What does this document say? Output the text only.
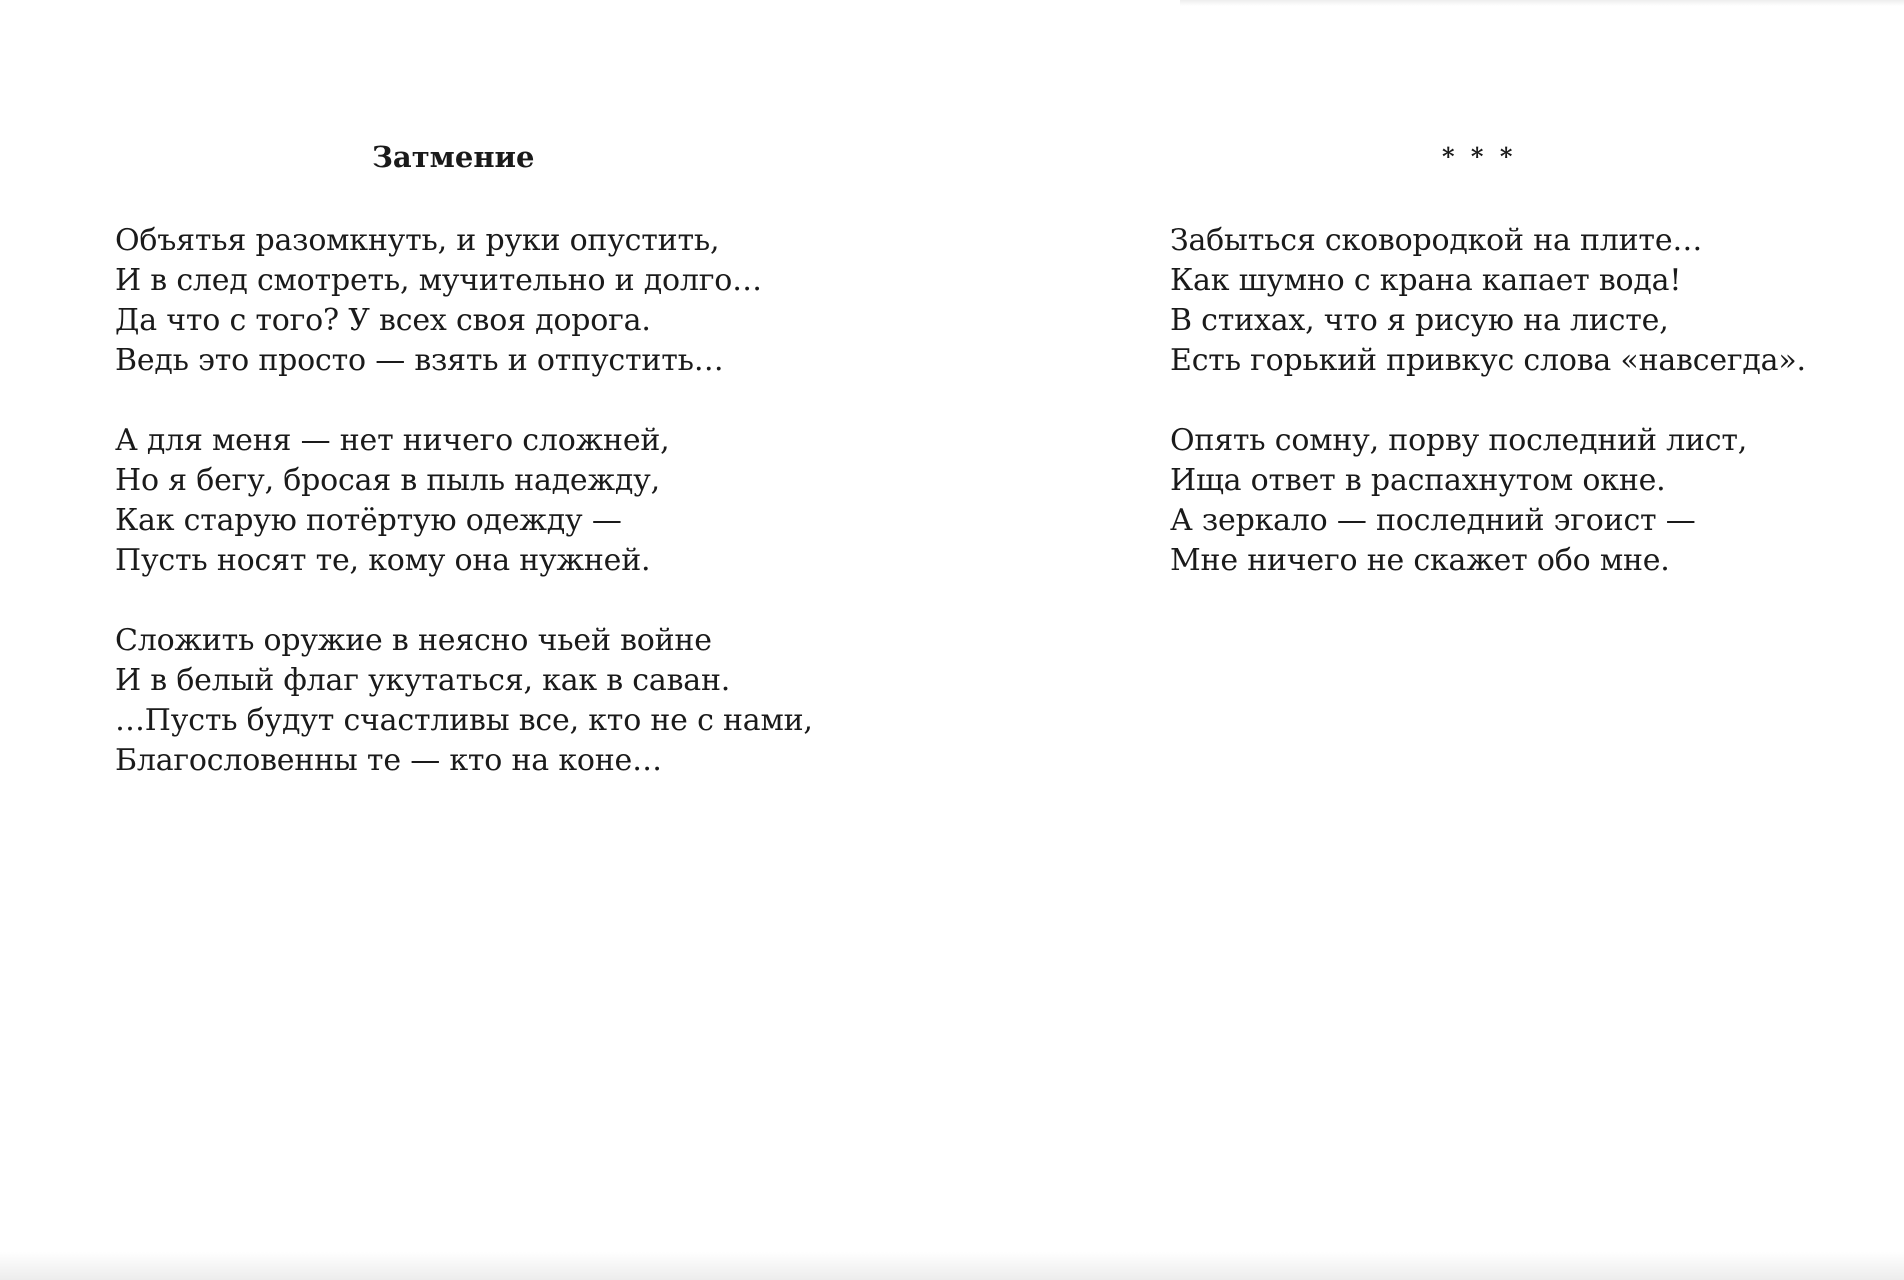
Затмение
Объятья разомкнуть, и руки опустить,
И в след смотреть, мучительно и долго…
Да что с того? У всех своя дорога.
Ведь это просто — взять и отпустить…
А для меня — нет ничего сложней,
Но я бегу, бросая в пыль надежду,
Как старую потёртую одежду —
Пусть носят те, кому она нужней.
Сложить оружие в неясно чьей войне
И в белый флаг укутаться, как в саван.
…Пусть будут счастливы все, кто не с нами,
Благословенны те — кто на коне…
* * *
Забыться сковородкой на плите…
Как шумно с крана капает вода!
В стихах, что я рисую на листе,
Есть горький привкус слова «навсегда».
Опять сомну, порву последний лист,
Ища ответ в распахнутом окне.
А зеркало — последний эгоист —
Мне ничего не скажет обо мне.
